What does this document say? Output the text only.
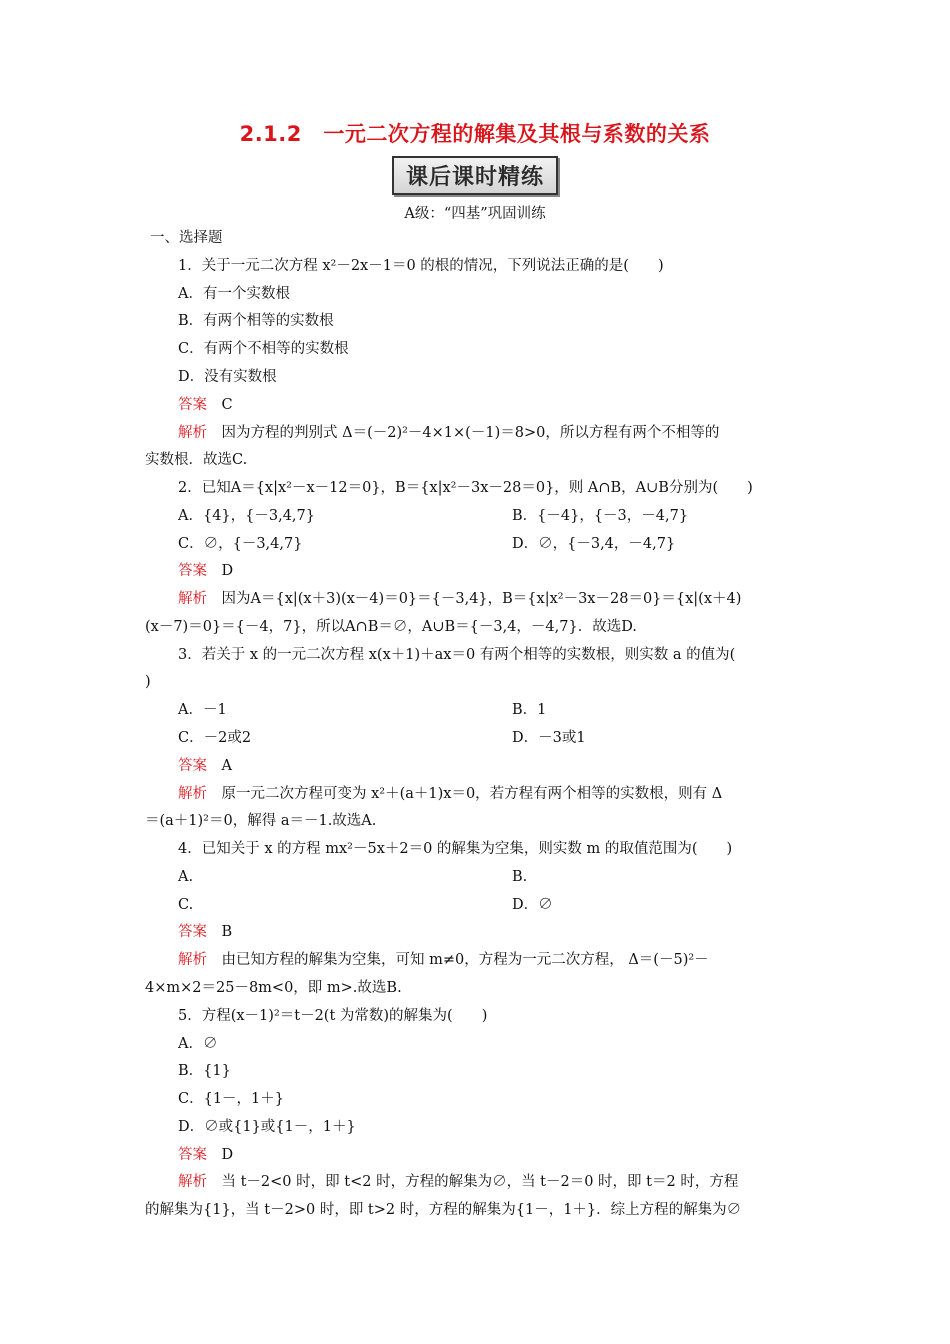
2.1.2　一元二次方程的解集及其根与系数的关系
课后课时精练
A级：“四基”巩固训练
一、选择题
1．关于一元二次方程 x²－2x－1＝0 的根的情况，下列说法正确的是(　　)
A．有一个实数根
B．有两个相等的实数根
C．有两个不相等的实数根
D．没有实数根
答案　 C
解析　 因为方程的判别式 Δ＝(－2)²－4×1×(－1)＝8>0，所以方程有两个不相等的
实数根．故选C.
2．已知A＝{x|x²－x－12＝0}，B＝{x|x²－3x－28＝0}，则 A∩B，A∪B分别为(　　)
A．{4}，{－3,4,7}	B．{－4}，{－3，－4,7}
C．∅，{－3,4,7}	D．∅，{－3,4，－4,7}
答案　 D
解析　 因为A＝{x|(x＋3)(x－4)＝0}＝{－3,4}，B＝{x|x²－3x－28＝0}＝{x|(x＋4)
(x－7)＝0}＝{－4，7}，所以A∩B＝∅，A∪B＝{－3,4，－4,7}．故选D.
3．若关于 x 的一元二次方程 x(x＋1)＋ax＝0 有两个相等的实数根，则实数 a 的值为(
)
A．－1	B．1
C．－2或2	D．－3或1
答案　 A
解析　 原一元二次方程可变为 x²＋(a＋1)x＝0，若方程有两个相等的实数根，则有 Δ
＝(a＋1)²＝0，解得 a＝－1.故选A.
4．已知关于 x 的方程 mx²－5x＋2＝0 的解集为空集，则实数 m 的取值范围为(　　)
A.	B.
C.	D．∅
答案　 B
解析　 由已知方程的解集为空集，可知 m≠0，方程为一元二次方程， Δ＝(－5)²－
4×m×2＝25－8m<0，即 m>.故选B.
5．方程(x－1)²＝t－2(t 为常数)的解集为(　　)
A．∅
B．{1}
C．{1－，1＋}
D．∅或{1}或{1－，1＋}
答案　 D
解析　 当 t－2<0 时，即 t<2 时，方程的解集为∅，当 t－2＝0 时，即 t＝2 时，方程
的解集为{1}，当 t－2>0 时，即 t>2 时，方程的解集为{1－，1＋}．综上方程的解集为∅
